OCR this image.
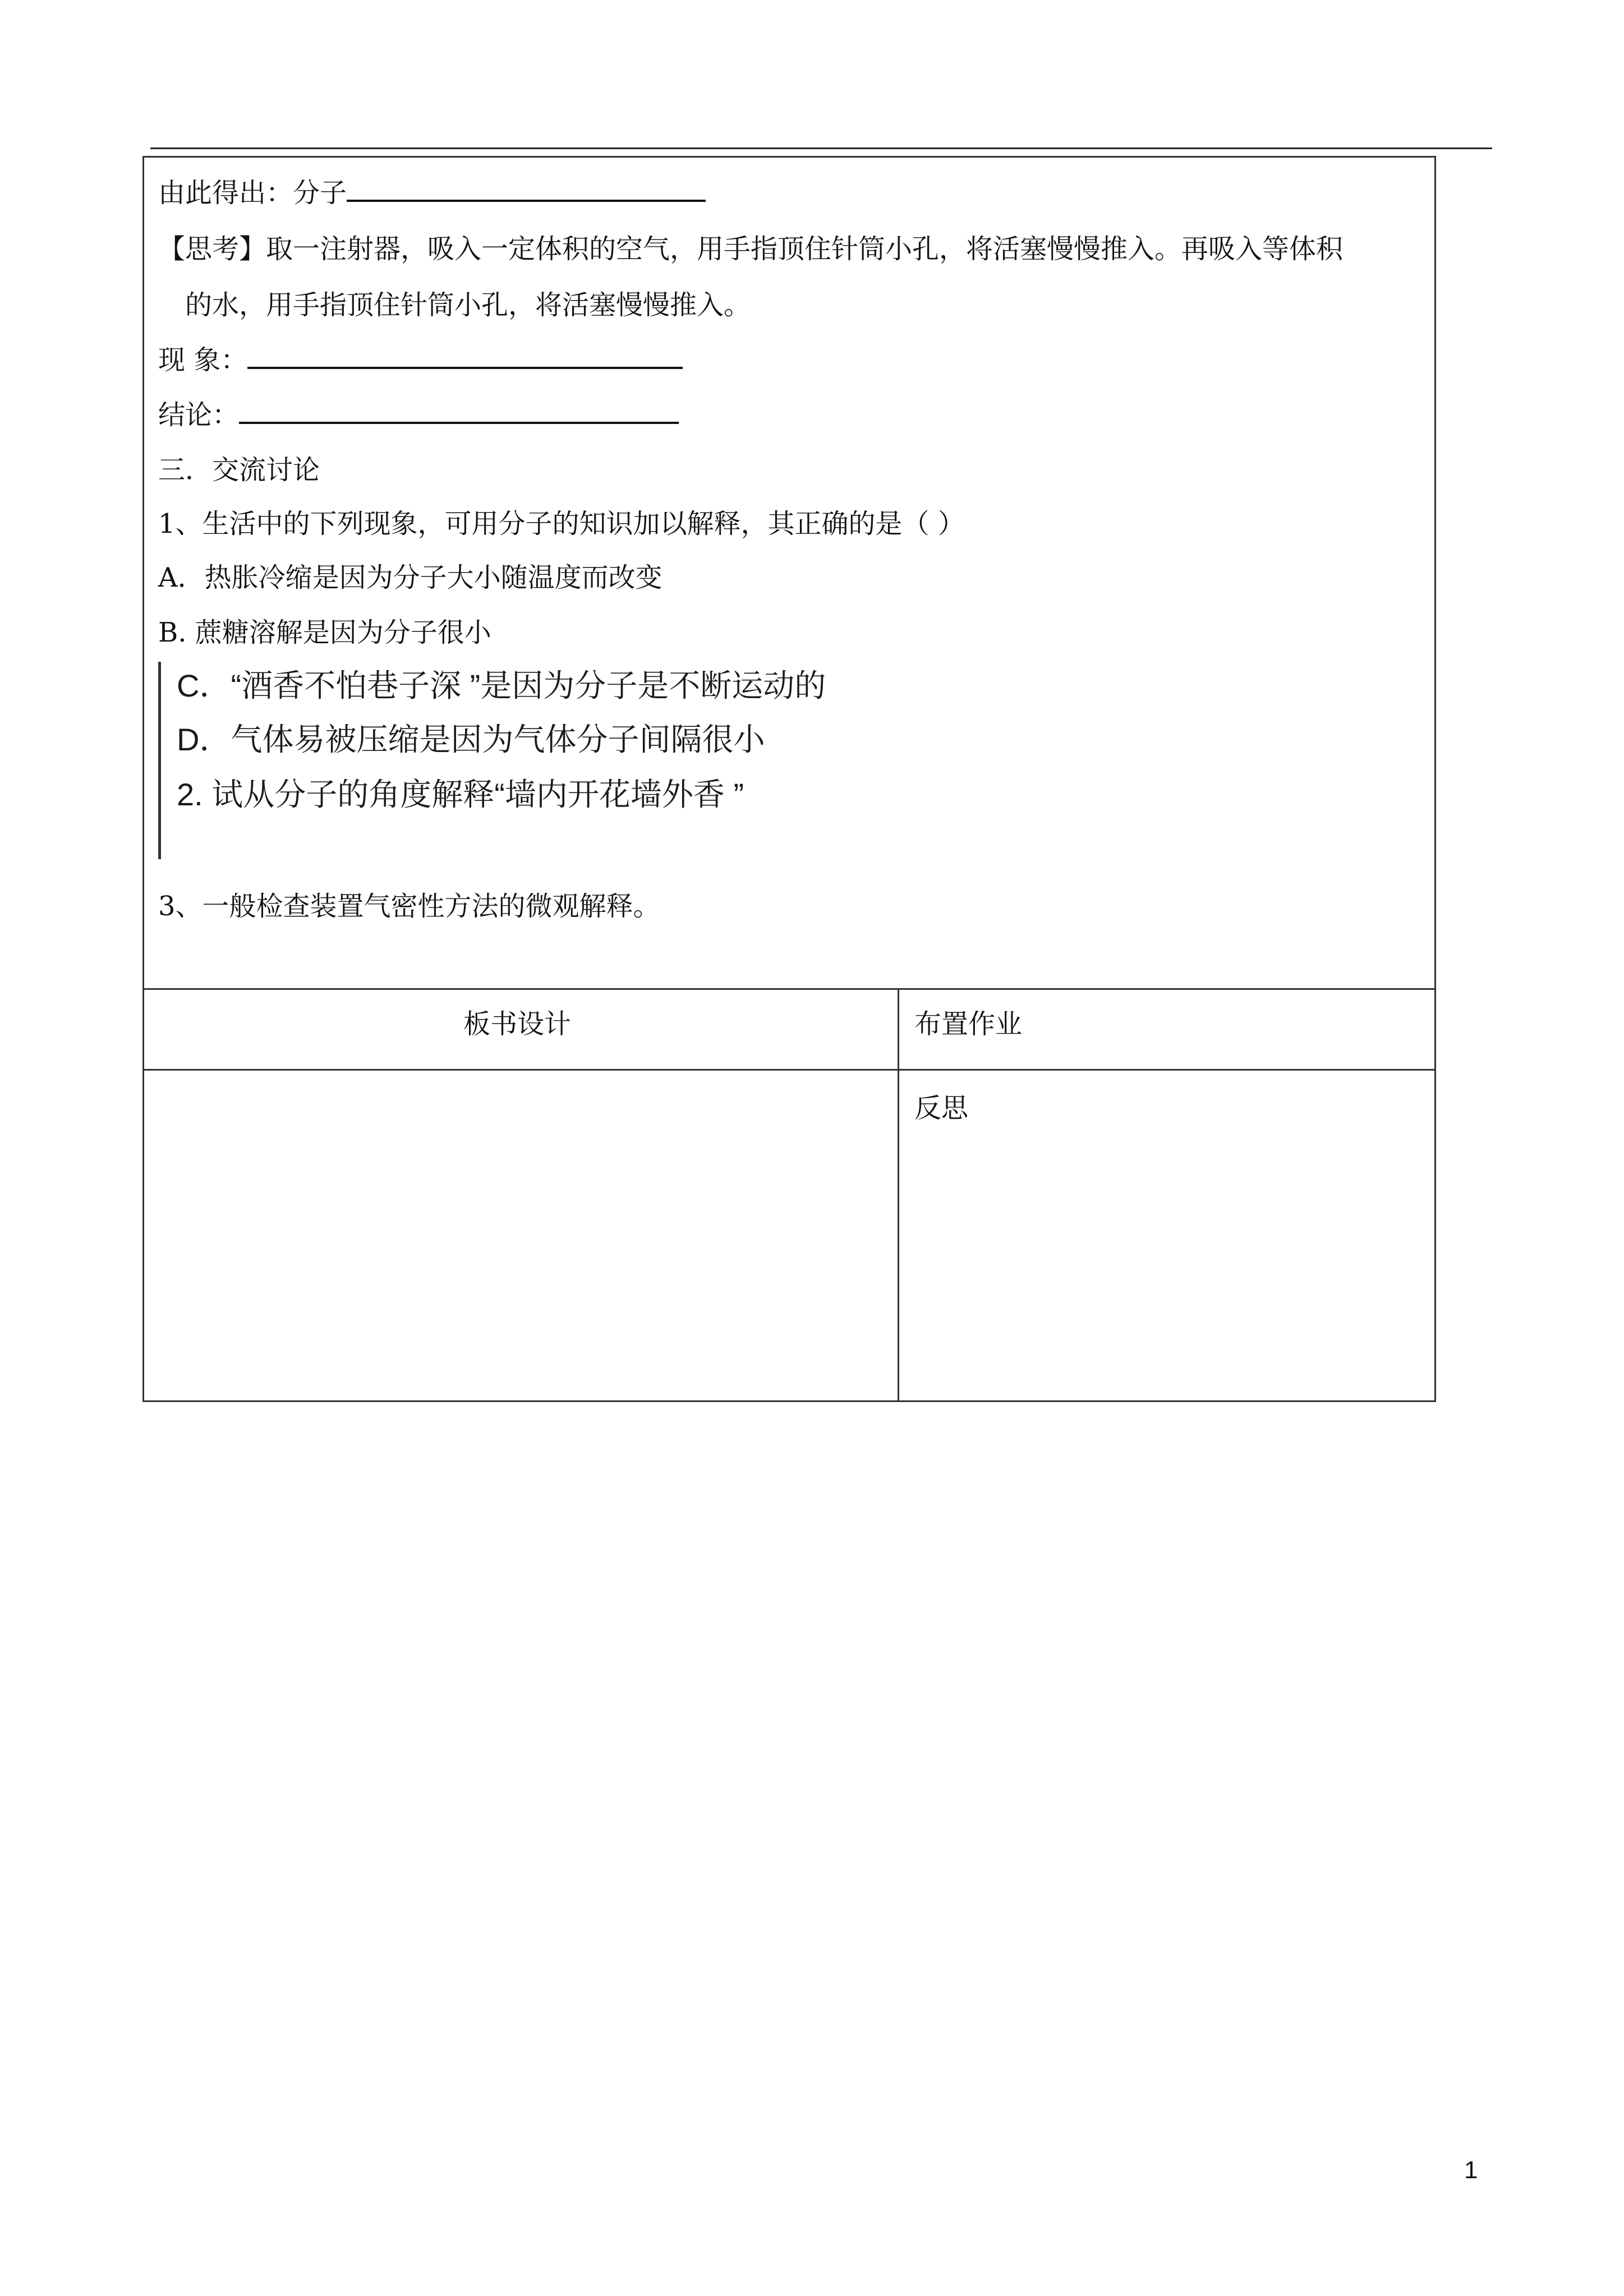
由此得出：分子
【思考】取一注射器，吸入一定体积的空气，用手指顶住针筒小孔，将活塞慢慢推入。再吸入等体积
的水，用手指顶住针筒小孔，将活塞慢慢推入。
现 象：
结论：
三．交流讨论
1、生活中的下列现象，可用分子的知识加以解释，其正确的是（ ）
A．热胀冷缩是因为分子大小随温度而改变
B. 蔗糖溶解是因为分子很小
C．“酒香不怕巷子深 ”是因为分子是不断运动的
D．气体易被压缩是因为气体分子间隔很小
2. 试从分子的角度解释“墙内开花墙外香 ”
3、一般检查装置气密性方法的微观解释。
板书设计	布置作业
反思
1
